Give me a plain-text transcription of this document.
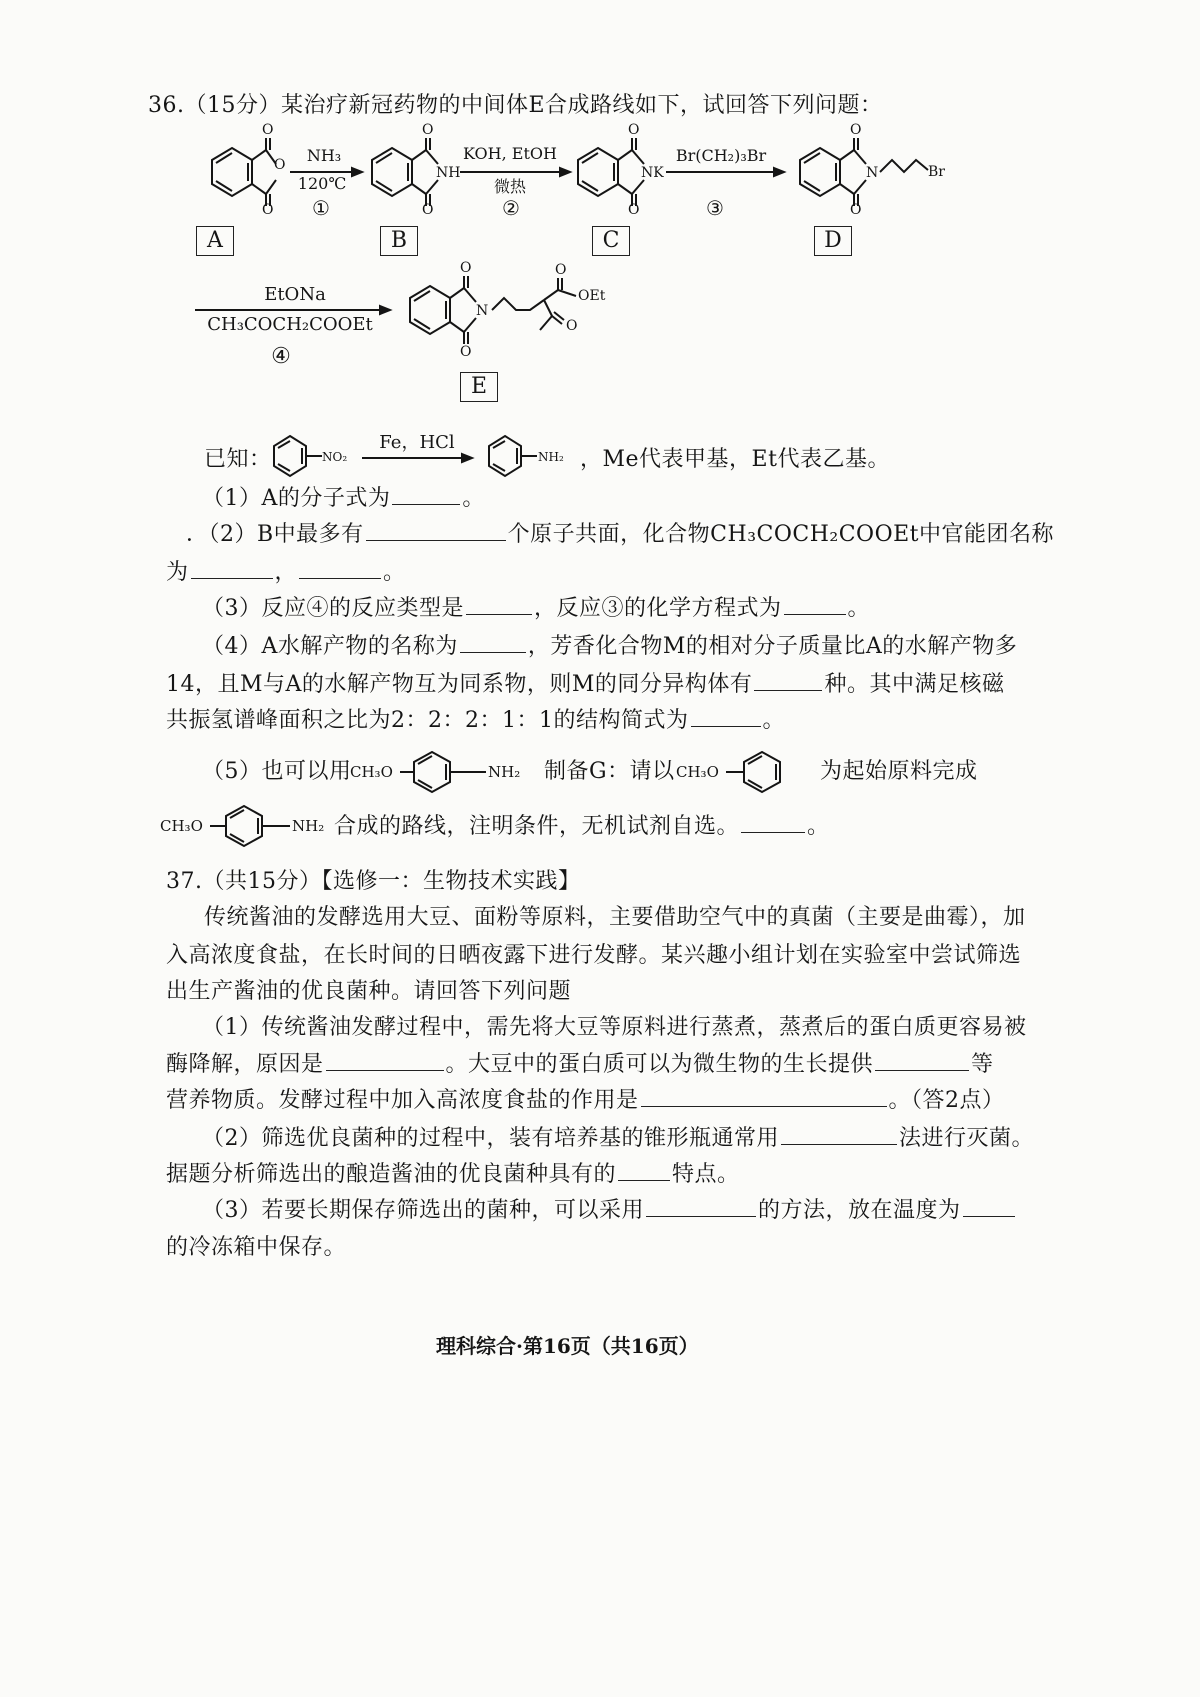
36.（15分）某治疗新冠药物的中间体E合成路线如下，试回答下列问题：
O
O
O
O
NH
O
O
NK
O
O
N
O
Br
O
N
O
O
OEt
O
NO₂	NH₂
CH₃O	NH₂	CH₃O
CH₃O	NH₂
NH₃
120℃
①
KOH, EtOH
微热
②
Br(CH₂)₃Br
③
EtONa
CH₃COCH₂COOEt
④
A	B	C	D
E
已知：
Fe，HCl
，Me代表甲基，Et代表乙基。
（1）A的分子式为	。
．（2）B中最多有	个原子共面，化合物CH₃COCH₂COOEt中官能团名称
为	，	。
（3）反应④的反应类型是	，反应③的化学方程式为	。
（4）A水解产物的名称为	，芳香化合物M的相对分子质量比A的水解产物多
14，且M与A的水解产物互为同系物，则M的同分异构体有	种。其中满足核磁
共振氢谱峰面积之比为2：2：2：1：1的结构简式为	。
（5）也可以用	制备G：请以	为起始原料完成
合成的路线，注明条件，无机试剂自选。	。
37.（共15分）【选修一：生物技术实践】
传统酱油的发酵选用大豆、面粉等原料，主要借助空气中的真菌（主要是曲霉），加
入高浓度食盐，在长时间的日晒夜露下进行发酵。某兴趣小组计划在实验室中尝试筛选
出生产酱油的优良菌种。请回答下列问题
（1）传统酱油发酵过程中，需先将大豆等原料进行蒸煮，蒸煮后的蛋白质更容易被
酶降解，原因是	。大豆中的蛋白质可以为微生物的生长提供	等
营养物质。发酵过程中加入高浓度食盐的作用是	。（答2点）
（2）筛选优良菌种的过程中，装有培养基的锥形瓶通常用	法进行灭菌。
据题分析筛选出的酿造酱油的优良菌种具有的	特点。
（3）若要长期保存筛选出的菌种，可以采用	的方法，放在温度为
的冷冻箱中保存。
理科综合·第16页（共16页）
